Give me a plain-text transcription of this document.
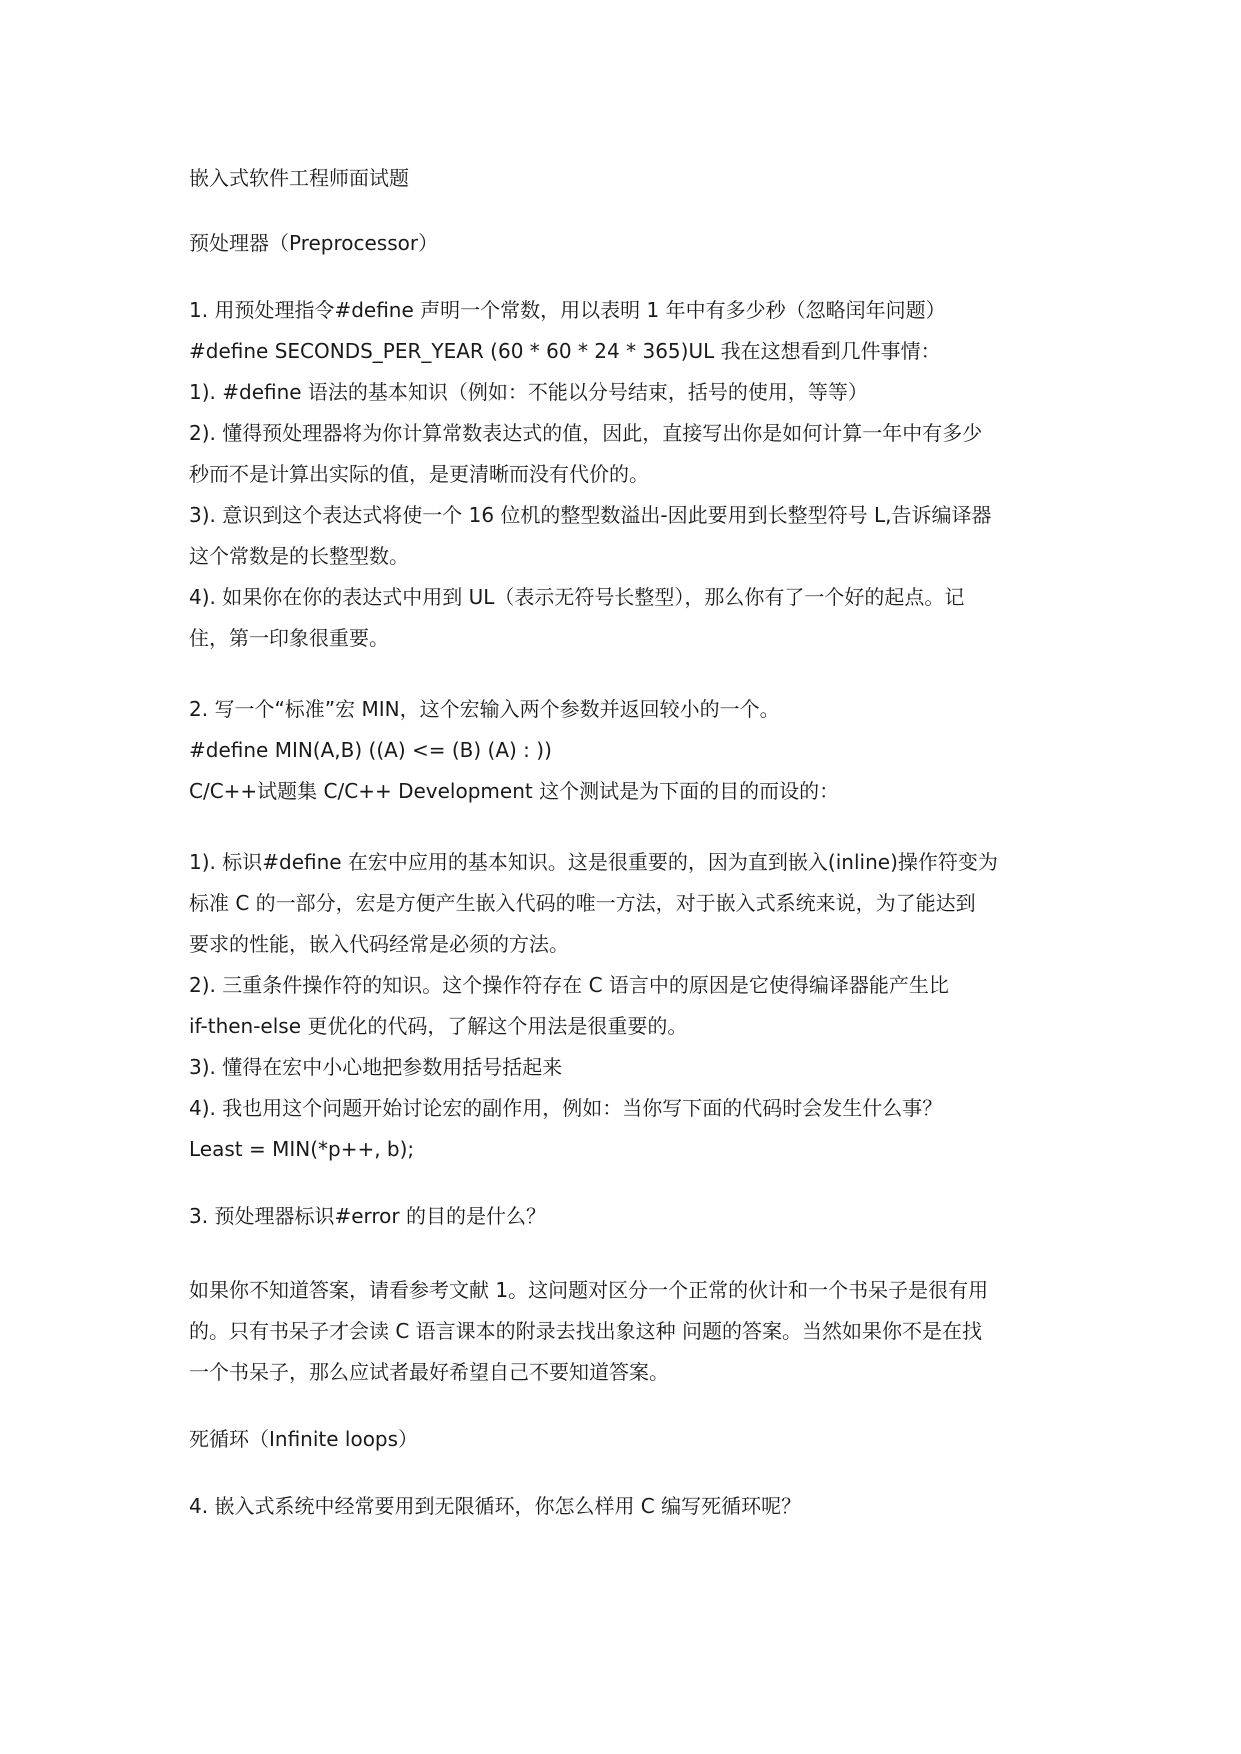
嵌入式软件工程师面试题
预处理器（Preprocessor）
1. 用预处理指令#define 声明一个常数，用以表明 1 年中有多少秒（忽略闰年问题）
#define SECONDS_PER_YEAR (60 * 60 * 24 * 365)UL 我在这想看到几件事情：
1). #define 语法的基本知识（例如：不能以分号结束，括号的使用，等等）
2). 懂得预处理器将为你计算常数表达式的值，因此，直接写出你是如何计算一年中有多少
秒而不是计算出实际的值，是更清晰而没有代价的。
3). 意识到这个表达式将使一个 16 位机的整型数溢出-因此要用到长整型符号 L,告诉编译器
这个常数是的长整型数。
4). 如果你在你的表达式中用到 UL（表示无符号长整型），那么你有了一个好的起点。记
住，第一印象很重要。
2. 写一个“标准”宏 MIN，这个宏输入两个参数并返回较小的一个。
#define MIN(A,B) ((A) <= (B) (A) : ))
C/C++试题集 C/C++ Development 这个测试是为下面的目的而设的：
1). 标识#define 在宏中应用的基本知识。这是很重要的，因为直到嵌入(inline)操作符变为
标准 C 的一部分，宏是方便产生嵌入代码的唯一方法，对于嵌入式系统来说，为了能达到
要求的性能，嵌入代码经常是必须的方法。
2). 三重条件操作符的知识。这个操作符存在 C 语言中的原因是它使得编译器能产生比
if-then-else 更优化的代码，了解这个用法是很重要的。
3). 懂得在宏中小心地把参数用括号括起来
4). 我也用这个问题开始讨论宏的副作用，例如：当你写下面的代码时会发生什么事？
Least = MIN(*p++, b);
3. 预处理器标识#error 的目的是什么？
如果你不知道答案，请看参考文献 1。这问题对区分一个正常的伙计和一个书呆子是很有用
的。只有书呆子才会读 C 语言课本的附录去找出象这种 问题的答案。当然如果你不是在找
一个书呆子，那么应试者最好希望自己不要知道答案。
死循环（Infinite loops）
4. 嵌入式系统中经常要用到无限循环，你怎么样用 C 编写死循环呢？
